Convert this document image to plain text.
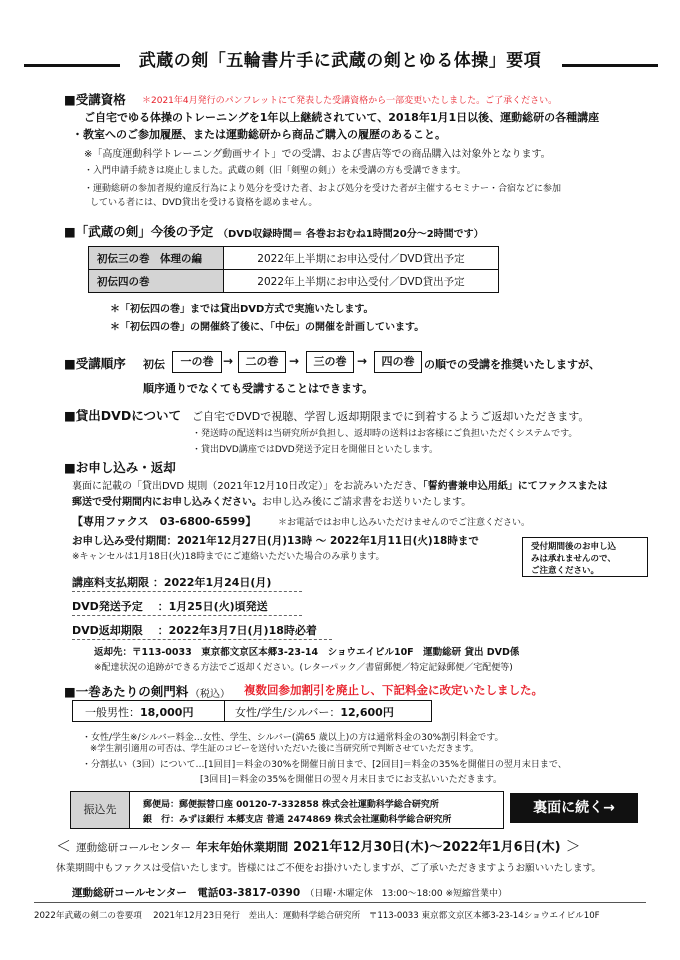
武蔵の剣「五輪書片手に武蔵の剣とゆる体操」要項
■受講資格 ＊2021年4月発行のパンフレットにて発表した受講資格から一部変更いたしました。ご了承ください。
ご自宅でゆる体操のトレーニングを1年以上継続されていて、2018年1月1日以後、運動総研の各種講座
・教室へのご参加履歴、または運動総研から商品ご購入の履歴のあること。
※「高度運動科学トレーニング動画サイト」での受講、および書店等での商品購入は対象外となります。
・入門申請手続きは廃止しました。武蔵の剣（旧「剣聖の剣」）を未受講の方も受講できます。
・運動総研の参加者規約違反行為により処分を受けた者、および処分を受けた者が主催するセミナー・合宿などに参加
している者には、DVD貸出を受ける資格を認めません。
■「武蔵の剣」今後の予定 （DVD収録時間＝ 各巻おおむね1時間20分～2時間です）
初伝三の巻　体理の編	2022年上半期にお申込受付／DVD貸出予定
初伝四の巻	2022年上半期にお申込受付／DVD貸出予定
＊「初伝四の巻」までは貸出DVD方式で実施いたします。
＊「初伝四の巻」の開催終了後に、「中伝」の開催を計画しています。
■受講順序 初伝	一の巻 →	二の巻 →	三の巻 →	四の巻 の順での受講を推奨いたしますが、
順序通りでなくても受講することはできます。
■貸出DVDについて ご自宅でDVDで視聴、学習し返却期限までに到着するようご返却いただきます。
・発送時の配送料は当研究所が負担し、返却時の送料はお客様にご負担いただくシステムです。
・貸出DVD講座ではDVD発送予定日を開催日といたします。
■お申し込み・返却
裏面に記載の「貸出DVD 規則（2021年12月10日改定）」をお読みいただき、「誓約書兼申込用紙」にてファクスまたは
郵送で受付期間内にお申し込みください。お申し込み後にご請求書をお送りいたします。
【専用ファクス　03-6800-6599】 ＊お電話ではお申し込みいただけませんのでご注意ください。
お申し込み受付期間：2021年12月27日(月)13時 ～ 2022年1月11日(火)18時まで
※キャンセルは1月18日(火)18時までにご連絡いただいた場合のみ承ります。
受付期間後のお申し込
みは承れませんので、
ご注意ください。
講座料支払期限 ：2022年1月24日(月)
DVD発送予定　 ：1月25日(火)頃発送
DVD返却期限　 ：2022年3月7日(月)18時必着
返却先：〒113-0033　東京都文京区本郷3-23-14　ショウエイビル10F　運動総研 貸出 DVD係
※配達状況の追跡ができる方法でご返却ください。(レターパック／書留郵便／特定記録郵便／宅配便等)
■一巻あたりの剣門料 （税込） 複数回参加割引を廃止し、下記料金に改定いたしました。
一般男性：18,000円	女性/学生/シルバー：12,600円
・女性/学生※/シルバー料金…女性、学生、シルバー(満65 歳以上)の方は通常料金の30%割引料金です。
※学生割引適用の可否は、学生証のコピーを送付いただいた後に当研究所で判断させていただきます。
・分割払い（3回）について…[1回目]＝料金の30%を開催日前日まで、[2回目]＝料金の35%を開催日の翌月末日まで、
[3回目]＝料金の35%を開催日の翌々月末日までにお支払いいただきます。
振込先	郵便局：郵便振替口座 00120-7-332858 株式会社運動科学総合研究所
銀　行：みずほ銀行 本郷支店 普通 2474869 株式会社運動科学総合研究所
裏面に続く→
＜ 運動総研コールセンター 年末年始休業期間 2021年12月30日(木)～2022年1月6日(木) ＞
休業期間中もファクスは受信いたします。皆様にはご不便をお掛けいたしますが、ご了承いただきますようお願いいたします。
運動総研コールセンター　電話03-3817-0390 （日曜･木曜定休　13:00～18:00 ※短縮営業中）
2022年武蔵の剣二の巻要項　 2021年12月23日発行　差出人：運動科学総合研究所　〒113-0033 東京都文京区本郷3-23-14ショウエイビル10F
